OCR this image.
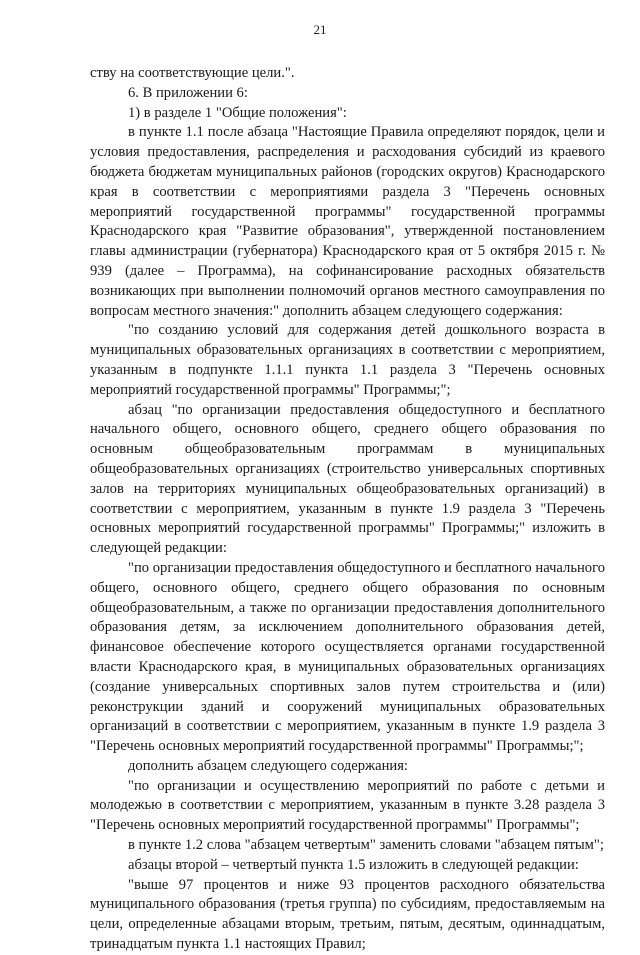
21

ству на соответствующие цели.".

6. В приложении 6:

1) в разделе 1 "Общие положения":

в пункте 1.1 после абзаца "Настоящие Правила определяют порядок, цели и условия предоставления, распределения и расходования субсидий из краевого бюджета бюджетам муниципальных районов (городских округов) Краснодарского края в соответствии с мероприятиями раздела 3 "Перечень основных мероприятий государственной программы" государственной программы Краснодарского края "Развитие образования", утвержденной постановлением главы администрации (губернатора) Краснодарского края от 5 октября 2015 г. № 939 (далее – Программа), на софинансирование расходных обязательств возникающих при выполнении полномочий органов местного самоуправления по вопросам местного значения:" дополнить абзацем следующего содержания:

"по созданию условий для содержания детей дошкольного возраста в муниципальных образовательных организациях в соответствии с мероприятием, указанным в подпункте 1.1.1 пункта 1.1 раздела 3 "Перечень основных мероприятий государственной программы" Программы;";

абзац "по организации предоставления общедоступного и бесплатного начального общего, основного общего, среднего общего образования по основным общеобразовательным программам в муниципальных общеобразовательных организациях (строительство универсальных спортивных залов на территориях муниципальных общеобразовательных организаций) в соответствии с мероприятием, указанным в пункте 1.9 раздела 3 "Перечень основных мероприятий государственной программы" Программы;" изложить в следующей редакции:

"по организации предоставления общедоступного и бесплатного начального общего, основного общего, среднего общего образования по основным общеобразовательным, а также по организации предоставления дополнительного образования детям, за исключением дополнительного образования детей, финансовое обеспечение которого осуществляется органами государственной власти Краснодарского края, в муниципальных образовательных организациях (создание универсальных спортивных залов путем строительства и (или) реконструкции зданий и сооружений муниципальных образовательных организаций в соответствии с мероприятием, указанным в пункте 1.9 раздела 3 "Перечень основных мероприятий государственной программы" Программы;";

дополнить абзацем следующего содержания:

"по организации и осуществлению мероприятий по работе с детьми и молодежью в соответствии с мероприятием, указанным в пункте 3.28 раздела 3 "Перечень основных мероприятий государственной программы" Программы";

в пункте 1.2 слова "абзацем четвертым" заменить словами "абзацем пятым";

абзацы второй – четвертый пункта 1.5 изложить в следующей редакции:

"выше 97 процентов и ниже 93 процентов расходного обязательства муниципального образования (третья группа) по субсидиям, предоставляемым на цели, определенные абзацами вторым, третьим, пятым, десятым, одиннадцатым, тринадцатым пункта 1.1 настоящих Правил;
